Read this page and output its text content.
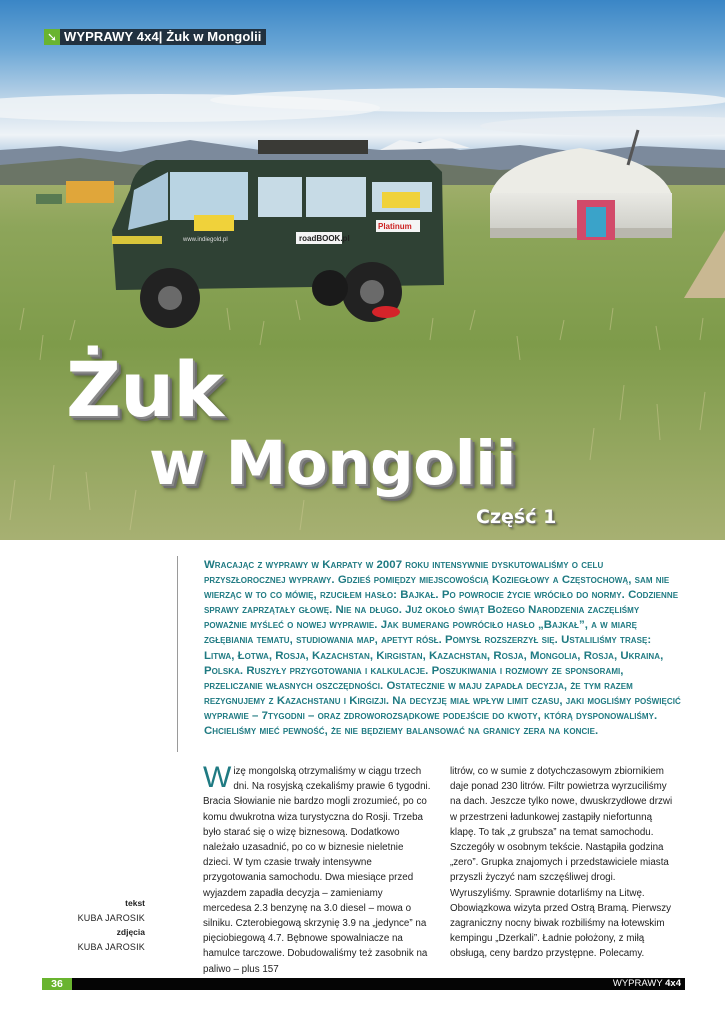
roadBOOK.pl
Platinum
www.indiegold.pl
➘ WYPRAWY 4x4| Żuk w Mongolii
Żuk
w Mongolii
Część 1

Wracając z wyprawy w Karpaty w 2007 roku intensywnie dyskutowaliśmy o celu przyszłorocznej wyprawy. Gdzieś pomiędzy miejscowością Koziegłowy a Częstochową, sam nie wierząc w to co mówię, rzuciłem hasło: Bajkał. Po powrocie życie wróciło do normy. Codzienne sprawy zaprzątały głowę. Nie na długo. Już około świąt Bożego Narodzenia zaczęliśmy poważnie myśleć o nowej wyprawie. Jak bumerang powróciło hasło „Bajkał”, a w miarę zgłębiania tematu, studiowania map, apetyt rósł. Pomysł rozszerzył się. Ustaliliśmy trasę: Litwa, Łotwa, Rosja, Kazachstan, Kirgistan, Kazachstan, Rosja, Mongolia, Rosja, Ukraina, Polska. Ruszyły przygotowania i kalkulacje. Poszukiwania i rozmowy ze sponsorami, przeliczanie własnych oszczędności. Ostatecznie w maju zapadła decyzja, że tym razem rezygnujemy z Kazachstanu i Kirgizji. Na decyzję miał wpływ limit czasu, jaki mogliśmy poświęcić wyprawie – 7tygodni – oraz zdroworozsądkowe podejście do kwoty, którą dysponowaliśmy. Chcieliśmy mieć pewność, że nie będziemy balansować na granicy zera na koncie.

Wizę mongolską otrzymaliśmy w ciągu trzech dni. Na rosyjską czekaliśmy prawie 6 tygodni. Bracia Słowianie nie bardzo mogli zrozumieć, po co komu dwukrotna wiza turystyczna do Rosji. Trzeba było starać się o wizę biznesową. Dodatkowo należało uzasadnić, po co w biznesie nieletnie dzieci. W tym czasie trwały intensywne przygotowania samochodu. Dwa miesiące przed wyjazdem zapadła decyzja – zamieniamy mercedesa 2.3 benzynę na 3.0 diesel – mowa o silniku. Czterobiegową skrzynię 3.9 na „jedynce” na pięciobiegową 4.7. Bębnowe spowalniacze na hamulce tarczowe. Dobudowaliśmy też zasobnik na paliwo – plus 157

litrów, co w sumie z dotychczasowym zbiornikiem daje ponad 230 litrów. Filtr powietrza wyrzuciliśmy na dach. Jeszcze tylko nowe, dwuskrzydłowe drzwi w przestrzeni ładunkowej zastąpiły niefortunną klapę. To tak „z grubsza” na temat samochodu. Szczegóły w osobnym tekście. Nastąpiła godzina „zero”. Grupka znajomych i przedstawiciele miasta przyszli życzyć nam szczęśliwej drogi. Wyruszyliśmy. Sprawnie dotarliśmy na Litwę. Obowiązkowa wizyta przed Ostrą Bramą. Pierwszy zagraniczny nocny biwak rozbiliśmy na łotewskim kempingu „Dzerkali”. Ładnie położony, z miłą obsługą, ceny bardzo przystępne. Polecamy.

tekst
KUBA JAROSIK
zdjęcia
KUBA JAROSIK
36	WYPRAWY 4x4
